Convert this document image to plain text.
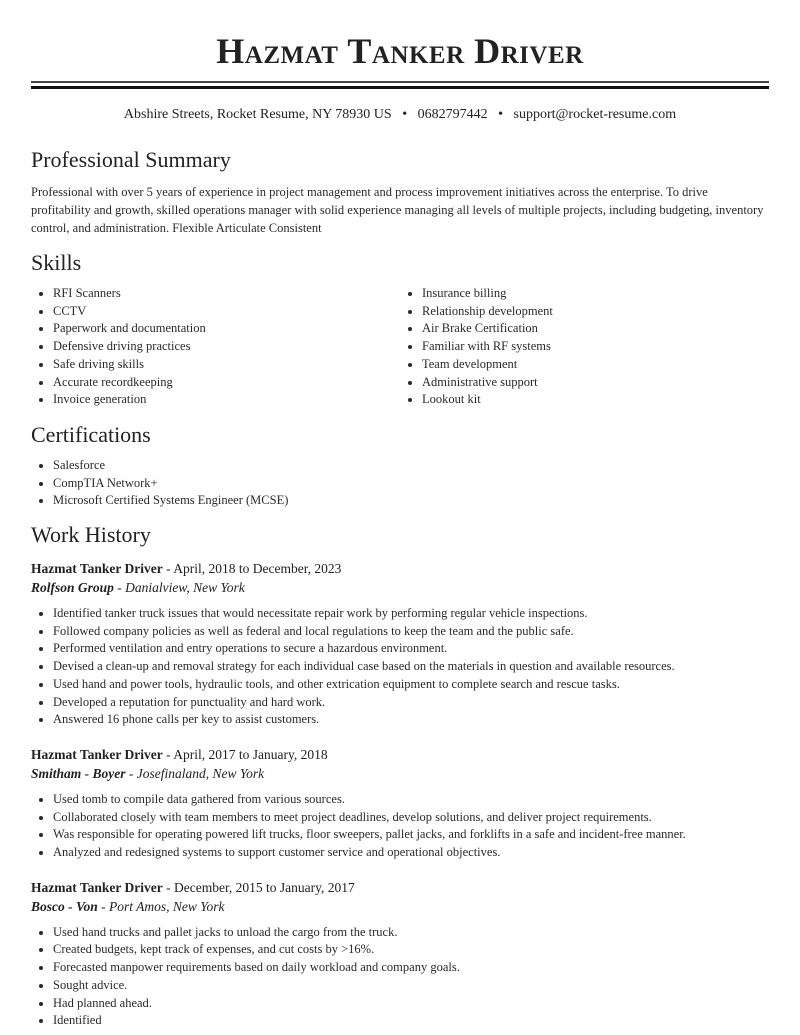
Hazmat Tanker Driver
Abshire Streets, Rocket Resume, NY 78930 US • 0682797442 • support@rocket-resume.com
Professional Summary

Professional with over 5 years of experience in project management and process improvement initiatives across the enterprise. To drive profitability and growth, skilled operations manager with solid experience managing all levels of multiple projects, including budgeting, inventory control, and administration. Flexible Articulate Consistent

Skills
• RFI Scanners
• CCTV
• Paperwork and documentation
• Defensive driving practices
• Safe driving skills
• Accurate recordkeeping
• Invoice generation
• Insurance billing
• Relationship development
• Air Brake Certification
• Familiar with RF systems
• Team development
• Administrative support
• Lookout kit
Certifications
• Salesforce
• CompTIA Network+
• Microsoft Certified Systems Engineer (MCSE)
Work History
Hazmat Tanker Driver - April, 2018 to December, 2023
Rolfson Group - Danialview, New York
• Identified tanker truck issues that would necessitate repair work by performing regular vehicle inspections.
• Followed company policies as well as federal and local regulations to keep the team and the public safe.
• Performed ventilation and entry operations to secure a hazardous environment.
• Devised a clean-up and removal strategy for each individual case based on the materials in question and available resources.
• Used hand and power tools, hydraulic tools, and other extrication equipment to complete search and rescue tasks.
• Developed a reputation for punctuality and hard work.
• Answered 16 phone calls per key to assist customers.
Hazmat Tanker Driver - April, 2017 to January, 2018
Smitham - Boyer - Josefinaland, New York
• Used tomb to compile data gathered from various sources.
• Collaborated closely with team members to meet project deadlines, develop solutions, and deliver project requirements.
• Was responsible for operating powered lift trucks, floor sweepers, pallet jacks, and forklifts in a safe and incident-free manner.
• Analyzed and redesigned systems to support customer service and operational objectives.
Hazmat Tanker Driver - December, 2015 to January, 2017
Bosco - Von - Port Amos, New York
• Used hand trucks and pallet jacks to unload the cargo from the truck.
• Created budgets, kept track of expenses, and cut costs by >16%.
• Forecasted manpower requirements based on daily workload and company goals.
• Sought advice.
• Had planned ahead.
• Identified
